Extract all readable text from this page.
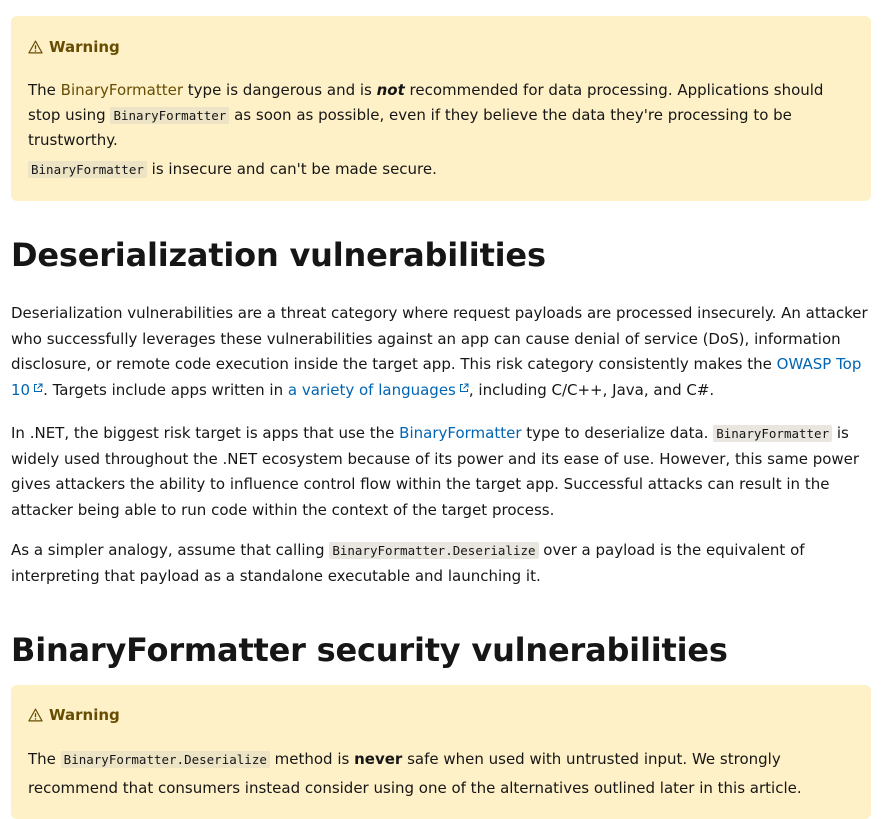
Warning

The BinaryFormatter type is dangerous and is not recommended for data processing. Applications should stop using BinaryFormatter as soon as possible, even if they believe the data they're processing to be trustworthy.

BinaryFormatter is insecure and can't be made secure.

Deserialization vulnerabilities

Deserialization vulnerabilities are a threat category where request payloads are processed insecurely. An attacker who successfully leverages these vulnerabilities against an app can cause denial of service (DoS), information disclosure, or remote code execution inside the target app. This risk category consistently makes the OWASP Top 10 . Targets include apps written in a variety of languages , including C/C++, Java, and C#.

In .NET, the biggest risk target is apps that use the BinaryFormatter type to deserialize data. BinaryFormatter is widely used throughout the .NET ecosystem because of its power and its ease of use. However, this same power gives attackers the ability to influence control flow within the target app. Successful attacks can result in the attacker being able to run code within the context of the target process.

As a simpler analogy, assume that calling BinaryFormatter.Deserialize over a payload is the equivalent of interpreting that payload as a standalone executable and launching it.

BinaryFormatter security vulnerabilities
Warning

The BinaryFormatter.Deserialize method is never safe when used with untrusted input. We strongly recommend that consumers instead consider using one of the alternatives outlined later in this article.
